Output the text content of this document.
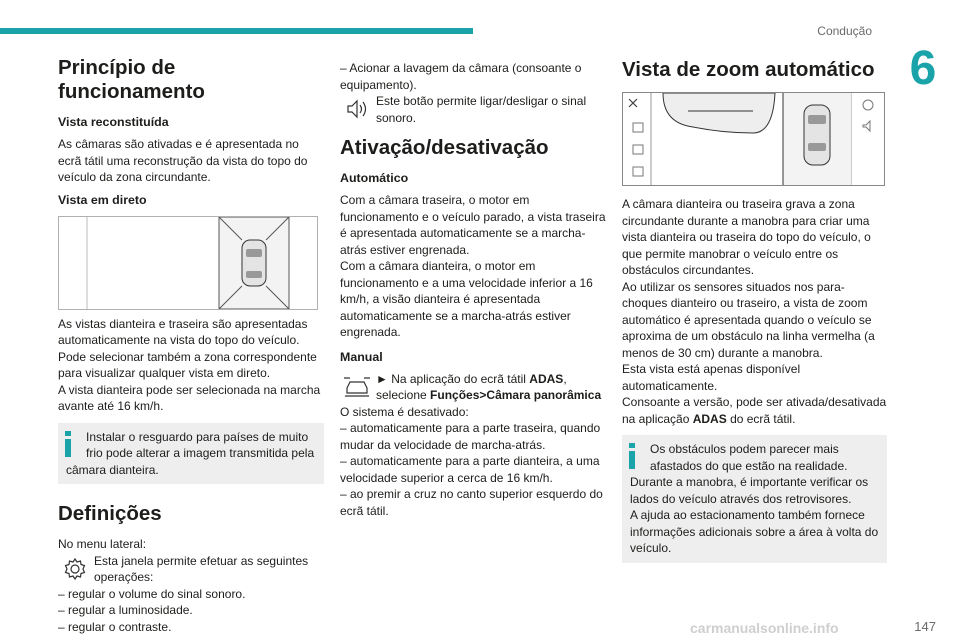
Condução
6
Princípio de funcionamento
Vista reconstituída

As câmaras são ativadas e é apresentada no ecrã tátil uma reconstrução da vista do topo do veículo da zona circundante.

Vista em direto

As vistas dianteira e traseira são apresentadas automaticamente na vista do topo do veículo.
Pode selecionar também a zona correspondente para visualizar qualquer vista em direto.
A vista dianteira pode ser selecionada na marcha avante até 16 km/h.

Instalar o resguardo para países de muito frio pode alterar a imagem transmitida pela

câmara dianteira.

Definições

No menu lateral:

Esta janela permite efetuar as seguintes operações:

– regular o volume do sinal sonoro.

– regular a luminosidade.

– regular o contraste.

– Acionar a lavagem da câmara (consoante o equipamento).

Este botão permite ligar/desligar o sinal sonoro.

Ativação/desativação
Automático

Com a câmara traseira, o motor em funcionamento e o veículo parado, a vista traseira é apresentada automaticamente se a marcha-atrás estiver engrenada.
Com a câmara dianteira, o motor em funcionamento e a uma velocidade inferior a 16 km/h, a visão dianteira é apresentada automaticamente se a marcha-atrás estiver engrenada.

Manual

► Na aplicação do ecrã tátil ADAS, selecione Funções>Câmara panorâmica

O sistema é desativado:

– automaticamente para a parte traseira, quando mudar da velocidade de marcha-atrás.

– automaticamente para a parte dianteira, a uma velocidade superior a cerca de 16 km/h.

– ao premir a cruz no canto superior esquerdo do ecrã tátil.

Vista de zoom automático

A câmara dianteira ou traseira grava a zona circundante durante a manobra para criar uma vista dianteira ou traseira do topo do veículo, o que permite manobrar o veículo entre os obstáculos circundantes.
Ao utilizar os sensores situados nos para-choques dianteiro ou traseiro, a vista de zoom automático é apresentada quando o veículo se aproxima de um obstáculo na linha vermelha (a menos de 30 cm) durante a manobra.
Esta vista está apenas disponível automaticamente.

Consoante a versão, pode ser ativada/desativada na aplicação ADAS do ecrã tátil.

Os obstáculos podem parecer mais afastados do que estão na realidade.

Durante a manobra, é importante verificar os lados do veículo através dos retrovisores.
A ajuda ao estacionamento também fornece informações adicionais sobre a área à volta do veículo.

147
carmanualsonline.info
